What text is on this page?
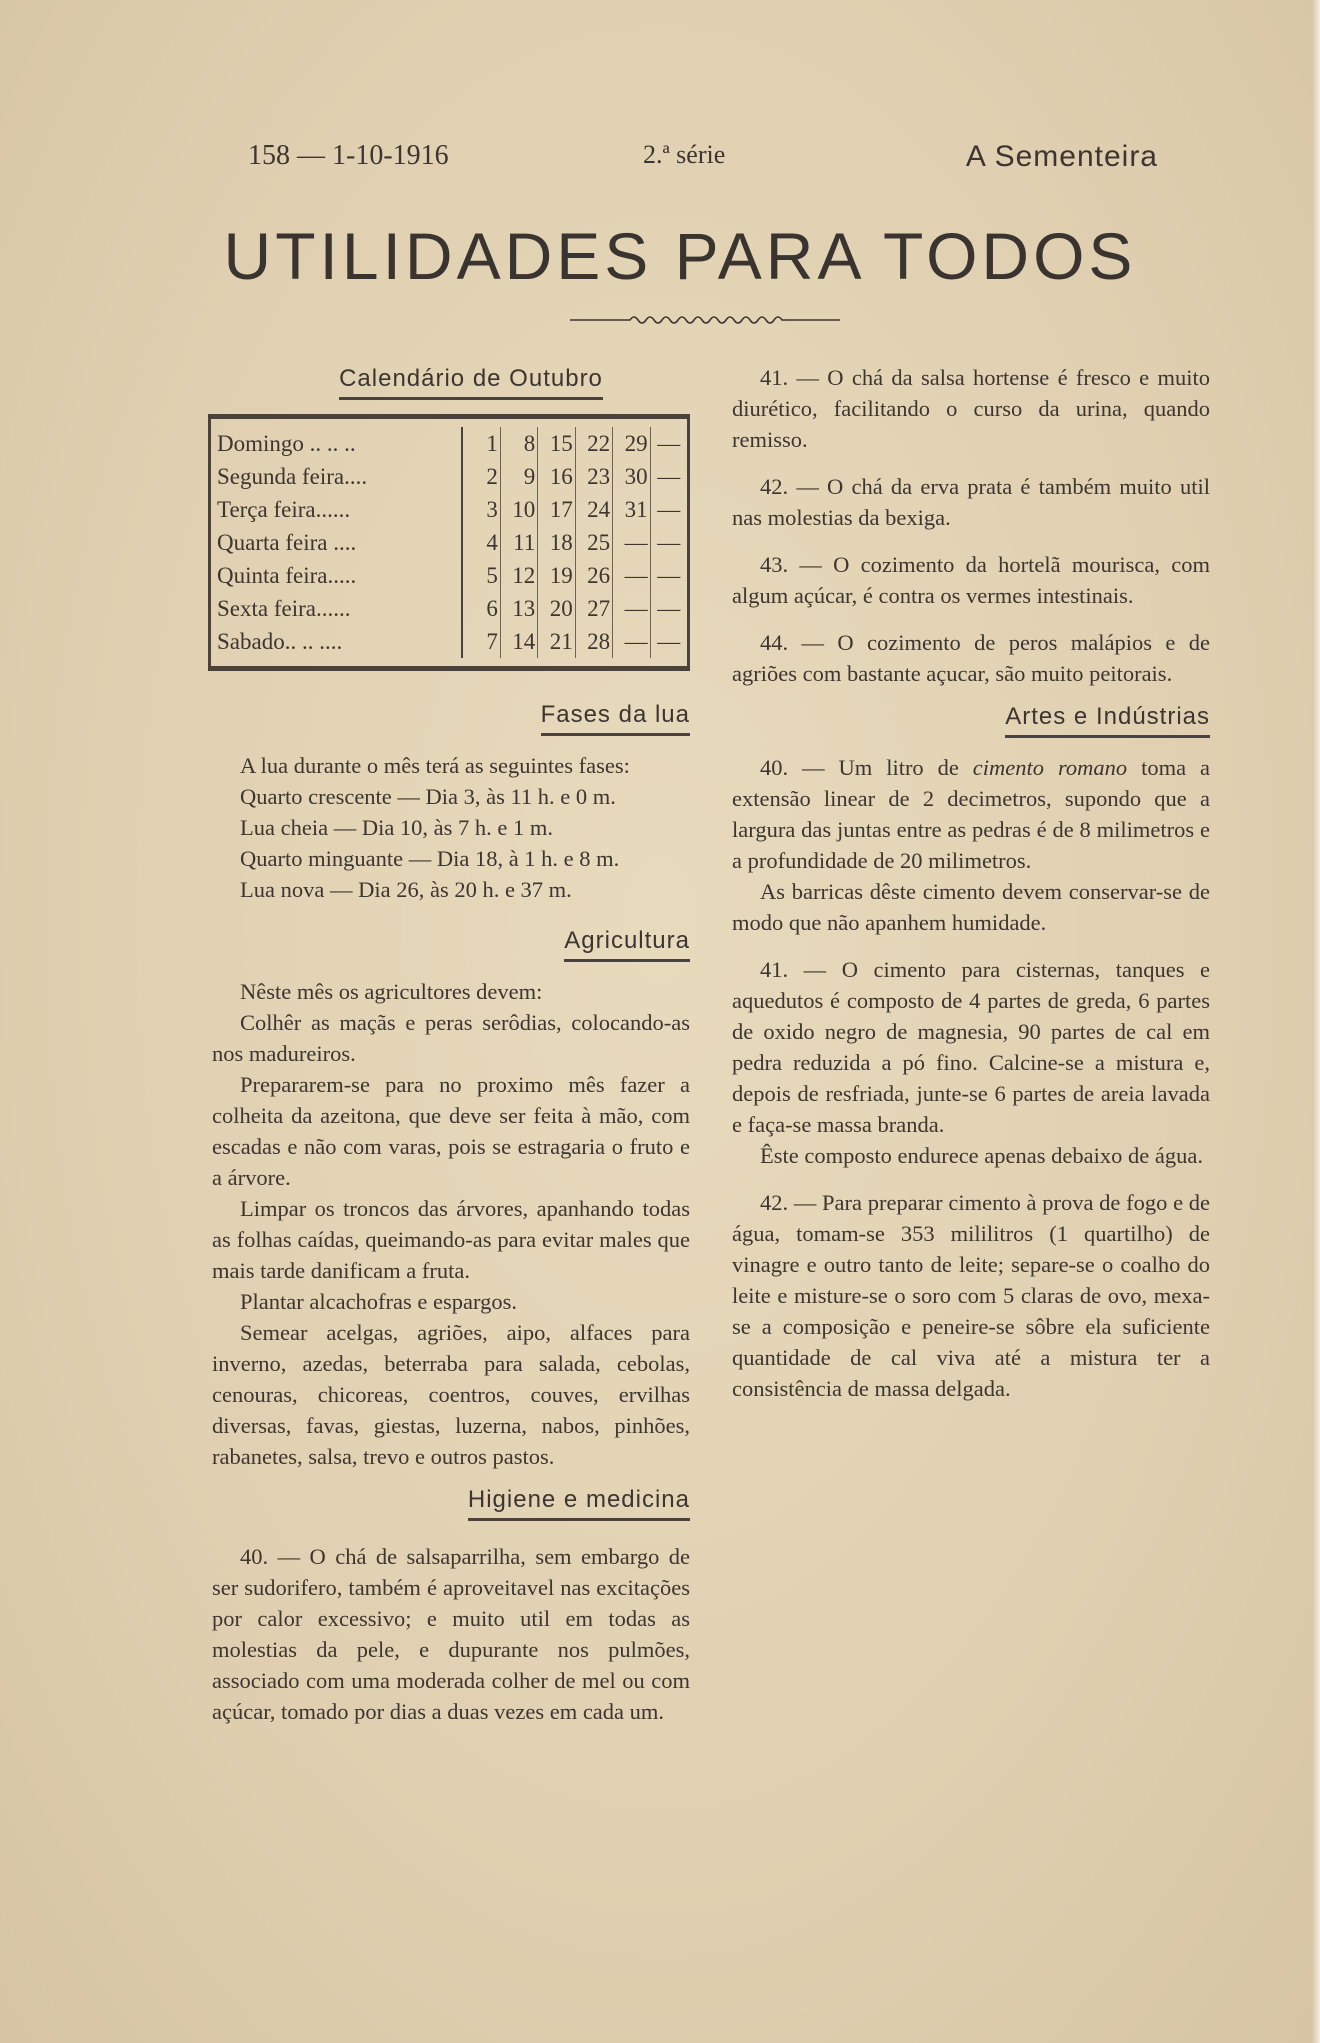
158 — 1-10-1916	2.ª série	A Sementeira
UTILIDADES PARA TODOS
Calendário de Outubro
Domingo .. .. ..	1	8	15	22	29	—
Segunda feira....	2	9	16	23	30	—
Terça feira......	3	10	17	24	31	—
Quarta feira ....	4	11	18	25	—	—
Quinta feira.....	5	12	19	26	—	—
Sexta feira......	6	13	20	27	—	—
Sabado.. .. ....	7	14	21	28	—	—
Fases da lua

A lua durante o mês terá as seguintes fases:

Quarto crescente — Dia 3, às 11 h. e 0 m.

Lua cheia — Dia 10, às 7 h. e 1 m.

Quarto minguante — Dia 18, à 1 h. e 8 m.

Lua nova — Dia 26, às 20 h. e 37 m.

Agricultura

Nêste mês os agricultores devem:

Colhêr as maçãs e peras serôdias, colocando-as nos madureiros.

Prepararem-se para no proximo mês fazer a colheita da azeitona, que deve ser feita à mão, com escadas e não com varas, pois se estragaria o fruto e a árvore.

Limpar os troncos das árvores, apanhando todas as folhas caídas, queimando-as para evitar males que mais tarde danificam a fruta.

Plantar alcachofras e espargos.

Semear acelgas, agriões, aipo, alfaces para inverno, azedas, beterraba para salada, cebolas, cenouras, chicoreas, coentros, couves, ervilhas diversas, favas, giestas, luzerna, nabos, pinhões, rabanetes, salsa, trevo e outros pastos.

Higiene e medicina

40. — O chá de salsaparrilha, sem embargo de ser sudorifero, também é aproveitavel nas excitações por calor excessivo; e muito util em todas as molestias da pele, e dupurante nos pulmões, associado com uma moderada colher de mel ou com açúcar, tomado por dias a duas vezes em cada um.

41. — O chá da salsa hortense é fresco e muito diurético, facilitando o curso da urina, quando remisso.

42. — O chá da erva prata é também muito util nas molestias da bexiga.

43. — O cozimento da hortelã mourisca, com algum açúcar, é contra os vermes intestinais.

44. — O cozimento de peros malápios e de agriões com bastante açucar, são muito peitorais.

Artes e Indústrias

40. — Um litro de cimento romano toma a extensão linear de 2 decimetros, supondo que a largura das juntas entre as pedras é de 8 milimetros e a profundidade de 20 milimetros.

As barricas dêste cimento devem conservar-se de modo que não apanhem humidade.

41. — O cimento para cisternas, tanques e aquedutos é composto de 4 partes de greda, 6 partes de oxido negro de magnesia, 90 partes de cal em pedra reduzida a pó fino. Calcine-se a mistura e, depois de resfriada, junte-se 6 partes de areia lavada e faça-se massa branda.

Êste composto endurece apenas debaixo de água.

42. — Para preparar cimento à prova de fogo e de água, tomam-se 353 mililitros (1 quartilho) de vinagre e outro tanto de leite; separe-se o coalho do leite e misture-se o soro com 5 claras de ovo, mexa-se a composição e peneire-se sôbre ela suficiente quantidade de cal viva até a mistura ter a consistência de massa delgada.
